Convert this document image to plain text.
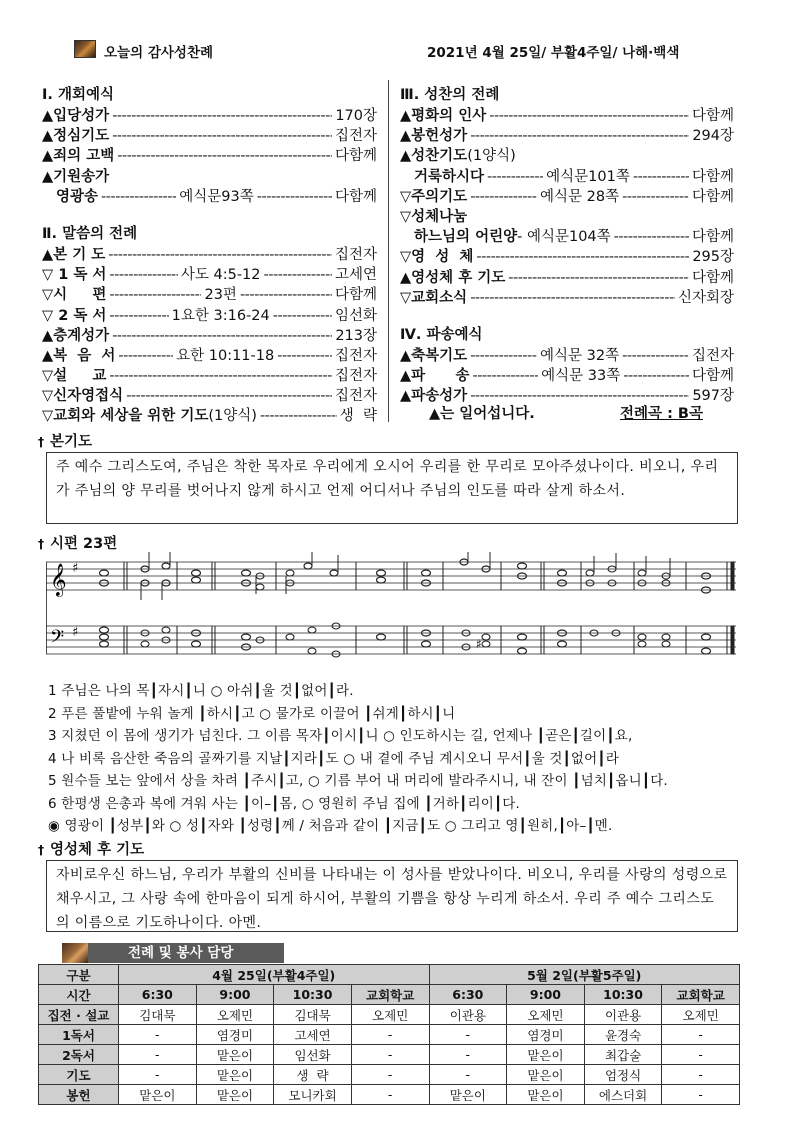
오늘의 감사성찬례	2021년 4월 25일/ 부활4주일/ 나해·백색
Ⅰ. 개회예식
▲입당성가 -----	170장
▲정심기도 -----	집전자
▲죄의 고백 -----	다함께
▲기원송가
영광송 -----	예식문93쪽 -----	다함께
Ⅱ. 말씀의 전례
▲본 기 도 -----	집전자
▽ 1 독 서 -----	사도 4:5-12 -----	고세연
▽시     편 -----	23편 -----	다함께
▽ 2 독 서 -----	1요한 3:16-24 -----	임선화
▲층계성가 -----	213장
▲복  음  서 -----	요한 10:11-18 -----	집전자
▽설     교 -----	집전자
▽신자영접식 -----	집전자
▽교회와 세상을 위한 기도(1양식) -----	생  략
Ⅲ. 성찬의 전례
▲평화의 인사 -----	다함께
▲봉헌성가 -----	294장
▲성찬기도(1양식)
거룩하시다 -----	예식문101쪽 -----	다함께
▽주의기도 -----	예식문 28쪽 -----	다함께
▽성체나눔
하느님의 어린양 - 예식문104쪽 -----	다함께
▽영  성  체 -----	295장
▲영성체 후 기도 -----	다함께
▽교회소식 -----	신자회장
Ⅳ. 파송예식
▲축복기도 -----	예식문 32쪽 -----	집전자
▲파      송 -----	예식문 33쪽 -----	다함께
▲파송성가 -----	597장
▲는 일어섭니다.	전례곡 : B곡
† 본기도
주 예수 그리스도여, 주님은 착한 목자로 우리에게 오시어 우리를 한 무리로 모아주셨나이다. 비오니, 우리가 주님의 양 무리를 벗어나지 않게 하시고 언제 어디서나 주님의 인도를 따라 살게 하소서.
† 시편 23편
𝄞
𝄢
♯
♯
♯
1 주님은 나의 목┃자시┃니 ○ 아쉬┃울 것┃없어┃라.
2 푸른 풀밭에 누워 놀게 ┃하시┃고 ○ 물가로 이끌어 ┃쉬게┃하시┃니
3 지쳤던 이 몸에 생기가 넘친다. 그 이름 목자┃이시┃니 ○ 인도하시는 길, 언제나 ┃곧은┃길이┃요,
4 나 비록 음산한 죽음의 골짜기를 지날┃지라┃도 ○ 내 곁에 주님 계시오니 무서┃울 것┃없어┃라
5 원수들 보는 앞에서 상을 차려 ┃주시┃고, ○ 기름 부어 내 머리에 발라주시니, 내 잔이 ┃넘치┃옵니┃다.
6 한평생 은총과 복에 겨워 사는 ┃이–┃몸, ○ 영원히 주님 집에 ┃거하┃리이┃다.
◉ 영광이 ┃성부┃와 ○ 성┃자와 ┃성령┃께 / 처음과 같이 ┃지금┃도 ○ 그리고 영┃원히,┃아–┃멘.
† 영성체 후 기도
자비로우신 하느님, 우리가 부활의 신비를 나타내는 이 성사를 받았나이다. 비오니, 우리를 사랑의 성령으로 채우시고, 그 사랑 속에 한마음이 되게 하시어, 부활의 기쁨을 항상 누리게 하소서. 우리 주 예수 그리스도의 이름으로 기도하나이다. 아멘.
전례 및 봉사 담당
구분	4월 25일(부활4주일)				5월 2일(부활5주일)			
시간	6:30	9:00	10:30	교회학교	6:30	9:00	10:30	교회학교
집전 · 설교	김대묵	오제민	김대묵	오제민	이관용	오제민	이관용	오제민
1독서	-	염경미	고세연	-	-	염경미	윤경숙	-
2독서	-	맡은이	임선화	-	-	맡은이	최갑술	-
기도	-	맡은이	생  략	-	-	맡은이	엄정식	-
봉헌	맡은이	맡은이	모니카회	-	맡은이	맡은이	에스더회	-
